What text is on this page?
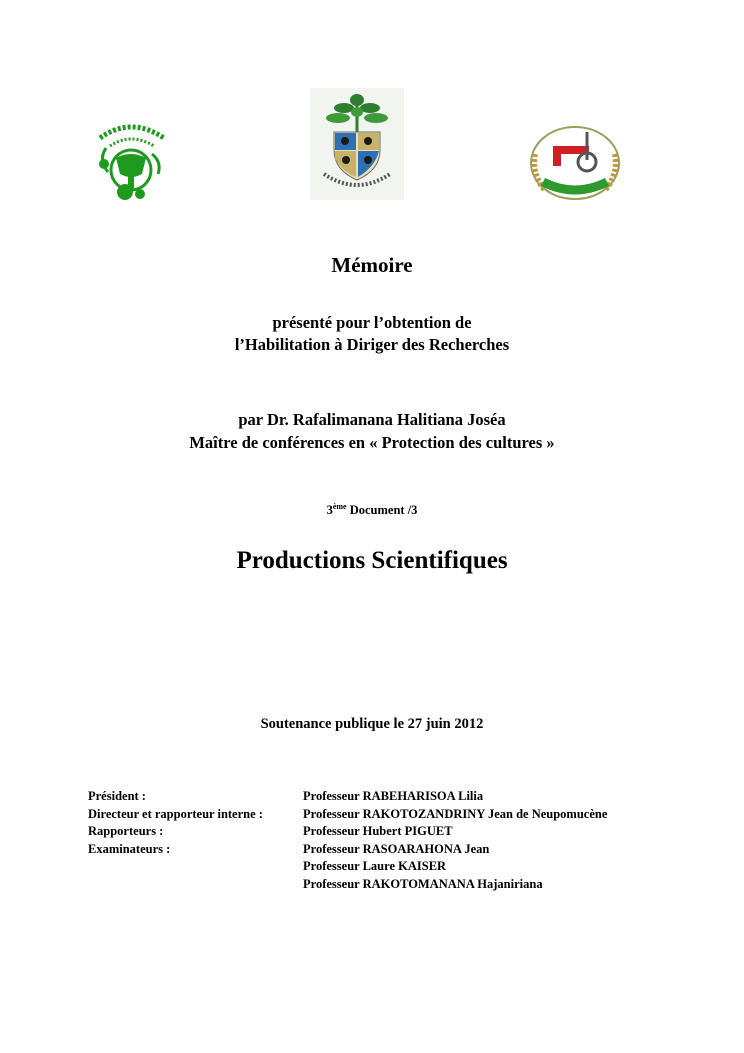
Mémoire
présenté pour l’obtention de
l’Habilitation à Diriger des Recherches
par Dr. Rafalimanana Halitiana Joséa
Maître de conférences en « Protection des cultures »
3ème Document /3
Productions Scientifiques
Soutenance publique le 27 juin 2012
Président :	Professeur RABEHARISOA Lilia
Directeur et rapporteur interne :	Professeur RAKOTOZANDRINY Jean de Neupomucène
Rapporteurs :	Professeur Hubert PIGUET
Examinateurs :	Professeur RASOARAHONA Jean
Professeur Laure KAISER
Professeur RAKOTOMANANA Hajaniriana
